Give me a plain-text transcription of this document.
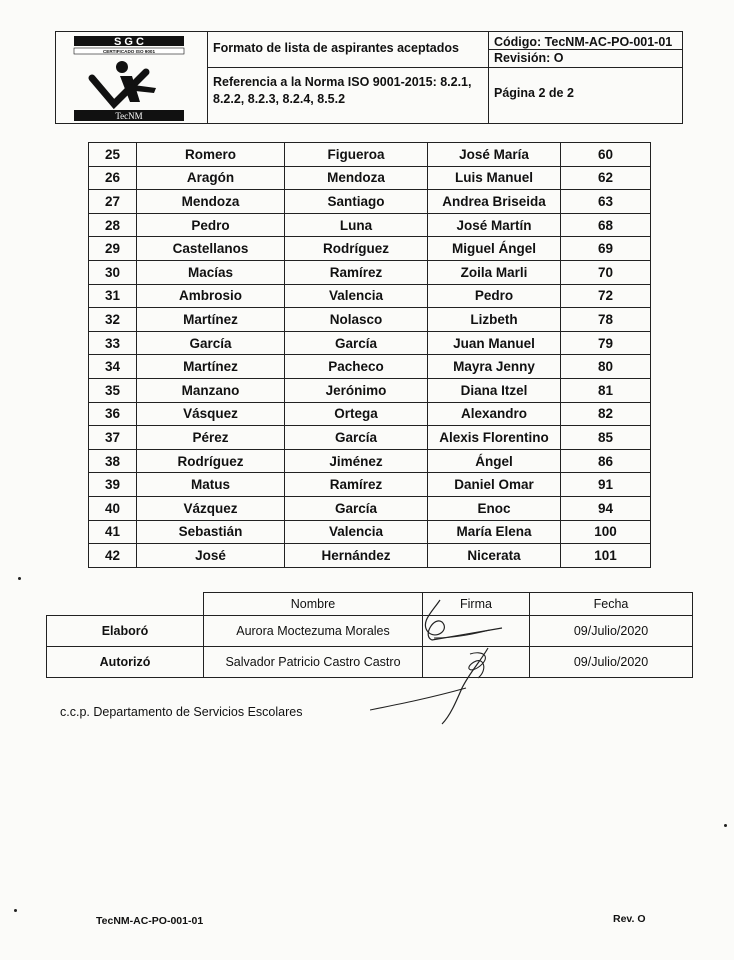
S G C
CERTIFICADO ISO 9001
TecNM
Formato de lista de aspirantes aceptados
Referencia a la Norma ISO 9001-2015: 8.2.1, 8.2.2, 8.2.3, 8.2.4, 8.5.2
Código: TecNM-AC-PO-001-01
Revisión: O
Página 2 de 2
25	Romero	Figueroa	José María	60
26	Aragón	Mendoza	Luis Manuel	62
27	Mendoza	Santiago	Andrea Briseida	63
28	Pedro	Luna	José Martín	68
29	Castellanos	Rodríguez	Miguel Ángel	69
30	Macías	Ramírez	Zoila Marli	70
31	Ambrosio	Valencia	Pedro	72
32	Martínez	Nolasco	Lizbeth	78
33	García	García	Juan Manuel	79
34	Martínez	Pacheco	Mayra Jenny	80
35	Manzano	Jerónimo	Diana Itzel	81
36	Vásquez	Ortega	Alexandro	82
37	Pérez	García	Alexis Florentino	85
38	Rodríguez	Jiménez	Ángel	86
39	Matus	Ramírez	Daniel Omar	91
40	Vázquez	García	Enoc	94
41	Sebastián	Valencia	María Elena	100
42	José	Hernández	Nicerata	101
	Nombre	Firma	Fecha
Elaboró	Aurora Moctezuma Morales		09/Julio/2020
Autorizó	Salvador Patricio Castro Castro		09/Julio/2020
c.c.p. Departamento de Servicios Escolares
TecNM-AC-PO-001-01	Rev. O
